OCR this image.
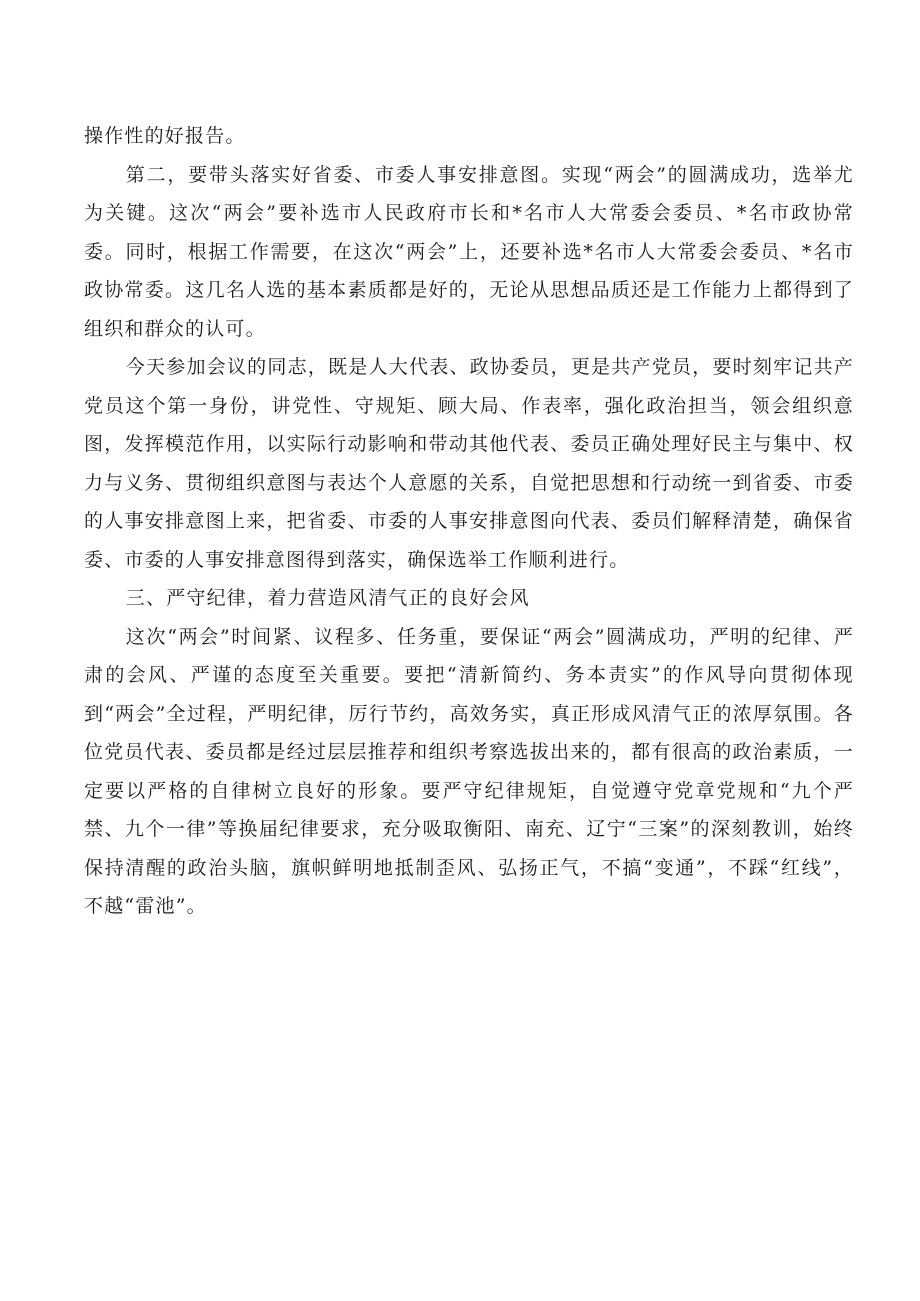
操作性的好报告。

第二，要带头落实好省委、市委人事安排意图。实现“两会”的圆满成功，选举尤为关键。这次“两会”要补选市人民政府市长和*名市人大常委会委员、*名市政协常委。同时，根据工作需要，在这次“两会”上，还要补选*名市人大常委会委员、*名市政协常委。这几名人选的基本素质都是好的，无论从思想品质还是工作能力上都得到了组织和群众的认可。

今天参加会议的同志，既是人大代表、政协委员，更是共产党员，要时刻牢记共产党员这个第一身份，讲党性、守规矩、顾大局、作表率，强化政治担当，领会组织意图，发挥模范作用，以实际行动影响和带动其他代表、委员正确处理好民主与集中、权力与义务、贯彻组织意图与表达个人意愿的关系，自觉把思想和行动统一到省委、市委的人事安排意图上来，把省委、市委的人事安排意图向代表、委员们解释清楚，确保省委、市委的人事安排意图得到落实，确保选举工作顺利进行。

三、严守纪律，着力营造风清气正的良好会风

这次“两会”时间紧、议程多、任务重，要保证“两会”圆满成功，严明的纪律、严肃的会风、严谨的态度至关重要。要把“清新简约、务本责实”的作风导向贯彻体现到“两会”全过程，严明纪律，厉行节约，高效务实，真正形成风清气正的浓厚氛围。各位党员代表、委员都是经过层层推荐和组织考察选拔出来的，都有很高的政治素质，一定要以严格的自律树立良好的形象。要严守纪律规矩，自觉遵守党章党规和“九个严禁、九个一律”等换届纪律要求，充分吸取衡阳、南充、辽宁“三案”的深刻教训，始终保持清醒的政治头脑，旗帜鲜明地抵制歪风、弘扬正气，不搞“变通”，不踩“红线”，不越“雷池”。
